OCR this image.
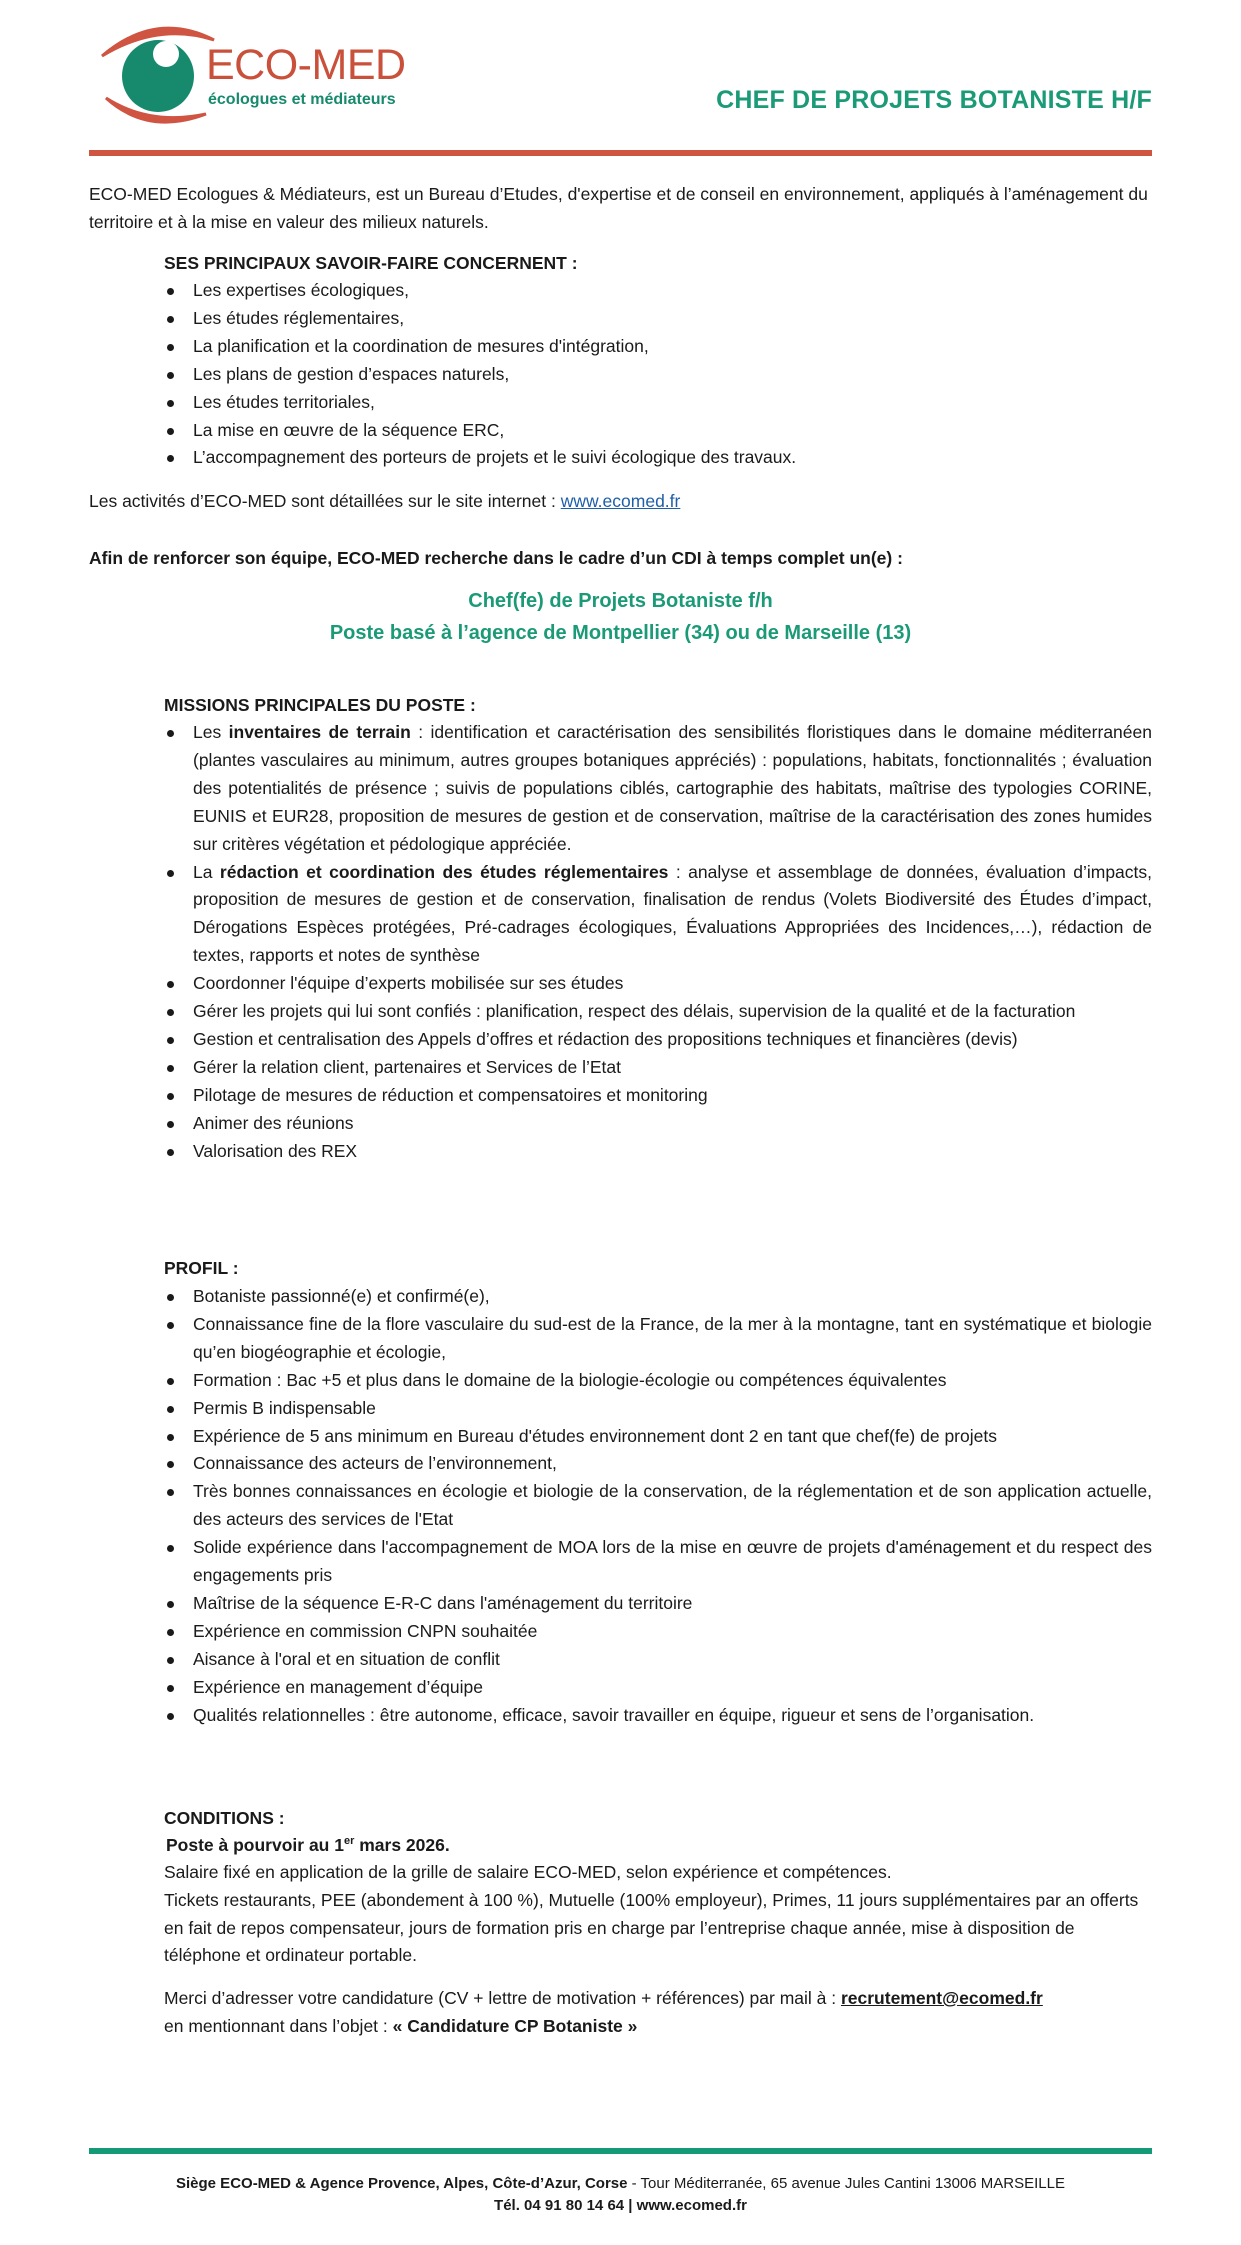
ECO-MED
écologues et médiateurs	CHEF DE PROJETS BOTANISTE H/F

ECO-MED Ecologues & Médiateurs, est un Bureau d’Etudes, d'expertise et de conseil en environnement, appliqués à l’aménagement du territoire et à la mise en valeur des milieux naturels.

SES PRINCIPAUX SAVOIR-FAIRE CONCERNENT :
Les expertises écologiques,
Les études réglementaires,
La planification et la coordination de mesures d'intégration,
Les plans de gestion d’espaces naturels,
Les études territoriales,
La mise en œuvre de la séquence ERC,
L’accompagnement des porteurs de projets et le suivi écologique des travaux.

Les activités d’ECO-MED sont détaillées sur le site internet : www.ecomed.fr

Afin de renforcer son équipe, ECO-MED recherche dans le cadre d’un CDI à temps complet un(e) :

Chef(fe) de Projets Botaniste f/h
Poste basé à l’agence de Montpellier (34) ou de Marseille (13)
MISSIONS PRINCIPALES DU POSTE :
Les inventaires de terrain : identification et caractérisation des sensibilités floristiques dans le domaine méditerranéen (plantes vasculaires au minimum, autres groupes botaniques appréciés) : populations, habitats, fonctionnalités ; évaluation des potentialités de présence ; suivis de populations ciblés, cartographie des habitats, maîtrise des typologies CORINE, EUNIS et EUR28, proposition de mesures de gestion et de conservation, maîtrise de la caractérisation des zones humides sur critères végétation et pédologique appréciée.
La rédaction et coordination des études réglementaires : analyse et assemblage de données, évaluation d’impacts, proposition de mesures de gestion et de conservation, finalisation de rendus (Volets Biodiversité des Études d’impact, Dérogations Espèces protégées, Pré-cadrages écologiques, Évaluations Appropriées des Incidences,…), rédaction de textes, rapports et notes de synthèse
Coordonner l'équipe d’experts mobilisée sur ses études
Gérer les projets qui lui sont confiés : planification, respect des délais, supervision de la qualité et de la facturation
Gestion et centralisation des Appels d’offres et rédaction des propositions techniques et financières (devis)
Gérer la relation client, partenaires et Services de l’Etat
Pilotage de mesures de réduction et compensatoires et monitoring
Animer des réunions
Valorisation des REX
PROFIL :
Botaniste passionné(e) et confirmé(e),
Connaissance fine de la flore vasculaire du sud-est de la France, de la mer à la montagne, tant en systématique et biologie qu’en biogéographie et écologie,
Formation : Bac +5 et plus dans le domaine de la biologie-écologie ou compétences équivalentes
Permis B indispensable
Expérience de 5 ans minimum en Bureau d'études environnement dont 2 en tant que chef(fe) de projets
Connaissance des acteurs de l’environnement,
Très bonnes connaissances en écologie et biologie de la conservation, de la réglementation et de son application actuelle, des acteurs des services de l'Etat
Solide expérience dans l'accompagnement de MOA lors de la mise en œuvre de projets d'aménagement et du respect des engagements pris
Maîtrise de la séquence E-R-C dans l'aménagement du territoire
Expérience en commission CNPN souhaitée
Aisance à l'oral et en situation de conflit
Expérience en management d’équipe
Qualités relationnelles : être autonome, efficace, savoir travailler en équipe, rigueur et sens de l’organisation.
CONDITIONS :

Poste à pourvoir au 1er mars 2026.

Salaire fixé en application de la grille de salaire ECO-MED, selon expérience et compétences.

Tickets restaurants, PEE (abondement à 100 %), Mutuelle (100% employeur), Primes, 11 jours supplémentaires par an offerts en fait de repos compensateur, jours de formation pris en charge par l’entreprise chaque année, mise à disposition de téléphone et ordinateur portable.

Merci d’adresser votre candidature (CV + lettre de motivation + références) par mail à : recrutement@ecomed.fr
en mentionnant dans l’objet : « Candidature CP Botaniste »

Siège ECO-MED & Agence Provence, Alpes, Côte-d’Azur, Corse - Tour Méditerranée, 65 avenue Jules Cantini 13006 MARSEILLE
Tél. 04 91 80 14 64 | www.ecomed.fr
